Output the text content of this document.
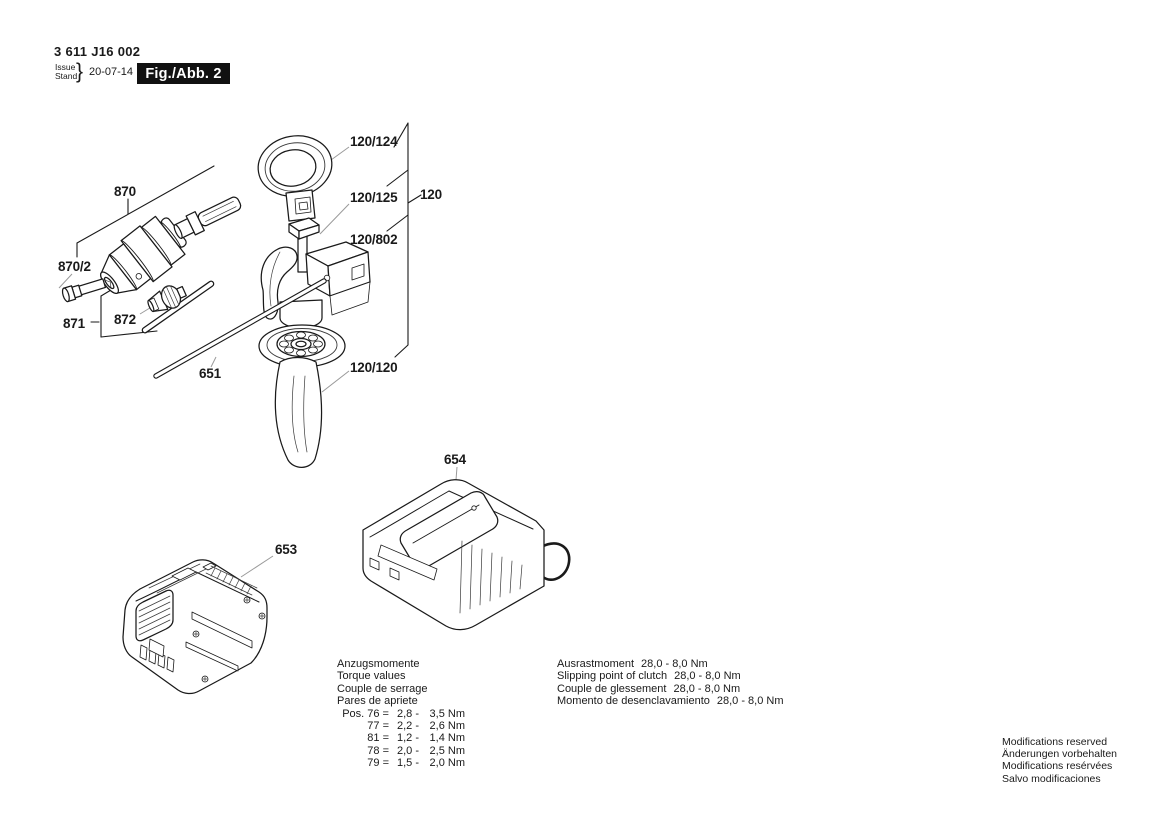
3 611 J16 002
Issue
Stand
} 20-07-14 Fig./Abb. 2
870
870/2
871 872
651
120/124
120/125
120/802
120
120/120
653
654
Anzugsmomente
Torque values
Couple de serrage
Pares de apriete
Pos. 76 = 2,8 - 3,5 Nm
77 = 2,2 - 2,6 Nm
81 = 1,2 - 1,4 Nm
78 = 2,0 - 2,5 Nm
79 = 1,5 - 2,0 Nm
Ausrastmoment 28,0 - 8,0 Nm
Slipping point of clutch 28,0 - 8,0 Nm
Couple de glessement 28,0 - 8,0 Nm
Momento de desenclavamiento 28,0 - 8,0 Nm
Modifications reserved
Änderungen vorbehalten
Modifications resérvées
Salvo modificaciones
